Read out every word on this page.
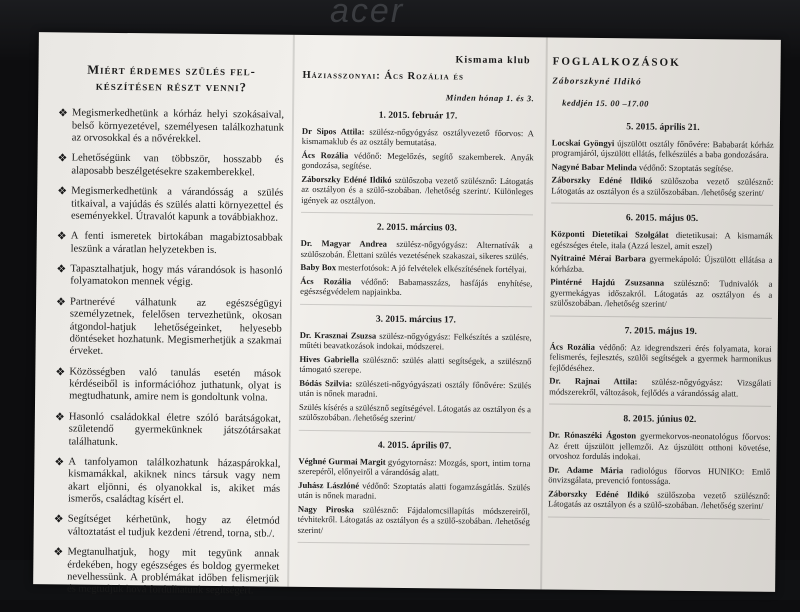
acer
Miért érdemes szülés fel-készítésen részt venni?
❖ Megismerkedhetünk a kórház helyi szokásaival, belső környezetével, személyesen találkozhatunk az orvosokkal és a nővérekkel.
❖ Lehetőségünk van többször, hosszabb és alaposabb beszélgetésekre szakemberekkel.
❖ Megismerkedhetünk a várandósság a szülés titkaival, a vajúdás és szülés alatti környezettel és eseményekkel. Útravalót kapunk a továbbiakhoz.
❖ A fenti ismeretek birtokában magabiztosabbak leszünk a váratlan helyzetekben is.
❖ Tapasztalhatjuk, hogy más várandósok is hasonló folyamatokon mennek végig.
❖ Partnerévé válhatunk az egészségügyi személyzetnek, felelősen tervezhetünk, okosan átgondol-hatjuk lehetőségeinket, helyesebb döntéseket hozhatunk. Megismerhetjük a szakmai érveket.
❖ Közösségben való tanulás esetén mások kérdéseiből is információhoz juthatunk, olyat is megtudhatunk, amire nem is gondoltunk volna.
❖ Hasonló családokkal életre szóló barátságokat, születendő gyermekünknek játszótársakat találhatunk.
❖ A tanfolyamon találkozhatunk házaspárokkal, kismamákkal, akiknek nincs társuk vagy nem akart eljönni, és olyanokkal is, akiket más ismerős, családtag kísért el.
❖ Segítséget kérhetünk, hogy az életmód változtatást el tudjuk kezdeni /étrend, torna, stb./.
❖ Megtanulhatjuk, hogy mit tegyünk annak érdekében, hogy egészséges és boldog gyermeket nevelhessünk. A problémákat időben felismerjük és megtudjuk hová fordulhatunk segítségért.
Kismama klub
Háziasszonyai: Ács Rozália és
Minden hónap 1. és 3.
1. 2015. február 17.
Dr Sipos Attila: szülész-nőgyógyász osztályvezető főorvos: A kismamaklub és az osztály bemutatása.
Ács Rozália védőnő: Megelőzés, segítő szakemberek. Anyák gondozása, segítése.
Záborszky Edéné Ildikó szülőszoba vezető szülésznő: Látogatás az osztályon és a szülő-szobában. /lehetőség szerint/. Különleges igények az osztályon.
2. 2015. március 03.
Dr. Magyar Andrea szülész-nőgyógyász: Alternatívák a szülőszobán. Élettani szülés vezetésének szakaszai, sikeres szülés.
Baby Box mesterfotósok: A jó felvételek elkészítésének fortélyai.
Ács Rozália védőnő: Babamasszázs, hasfájás enyhítése, egészségvédelem napjainkba.
3. 2015. március 17.
Dr. Krasznai Zsuzsa szülész-nőgyógyász: Felkészítés a szülésre, műtéti beavatkozások indokai, módszerei.
Hives Gabriella szülésznő: szülés alatti segítségek, a szülésznő támogató szerepe.
Bódás Szilvia: szülészeti-nőgyógyászati osztály főnővére: Szülés után is nőnek maradni.
Szülés kísérés a szülésznő segítségével. Látogatás az osztályon és a szülőszobában. /lehetőség szerint/
4. 2015. április 07.
Véghné Gurmai Margit gyógytornász: Mozgás, sport, intim torna szerepéről, előnyeiről a várandóság alatt.
Juhász Lászlóné védőnő: Szoptatás alatti fogamzásgátlás. Szülés után is nőnek maradni.
Nagy Piroska szülésznő: Fájdalomcsillapítás módszereiről, tévhitekről. Látogatás az osztályon és a szülő-szobában. /lehetőség szerint/
FOGLALKOZÁSOK
Záborszkyné Ildikó
keddjén 15. 00 –17.00
5. 2015. április 21.
Locskai Gyöngyi újszülött osztály főnővére: Bababarát kórház programjáról, újszülött ellátás, felkészülés a baba gondozására.
Nagyné Babar Melinda védőnő: Szoptatás segítése.
Záborszky Edéné Ildikó szülőszoba vezető szülésznő: Látogatás az osztályon és a szülőszobában. /lehetőség szerint/
6. 2015. május 05.
Központi Dietetikai Szolgálat dietetikusai: A kismamák egészséges étele, itala (Azzá leszel, amit eszel)
Nyitrainé Mérai Barbara gyermekápoló: Újszülött ellátása a kórházba.
Pintérné Hajdú Zsuzsanna szülésznő: Tudnivalók a gyermekágyas időszakról. Látogatás az osztályon és a szülőszobában. /lehetőség szerint/
7. 2015. május 19.
Ács Rozália védőnő: Az idegrendszeri érés folyamata, korai felismerés, fejlesztés, szülői segítségek a gyermek harmonikus fejlődéséhez.
Dr. Rajnai Attila: szülész-nőgyógyász: Vizsgálati módszerekről, változások, fejlődés a várandósság alatt.
8. 2015. június 02.
Dr. Rónaszéki Ágoston gyermekorvos-neonatológus főorvos: Az érett újszülött jellemzői. Az újszülött otthoni követése, orvoshoz fordulás indokai.
Dr. Adame Mária radiológus főorvos HUNIKO: Emlő önvizsgálata, prevenció fontossága.
Záborszky Edéné Ildikó szülőszoba vezető szülésznő: Látogatás az osztályon és a szülő-szobában. /lehetőség szerint/
